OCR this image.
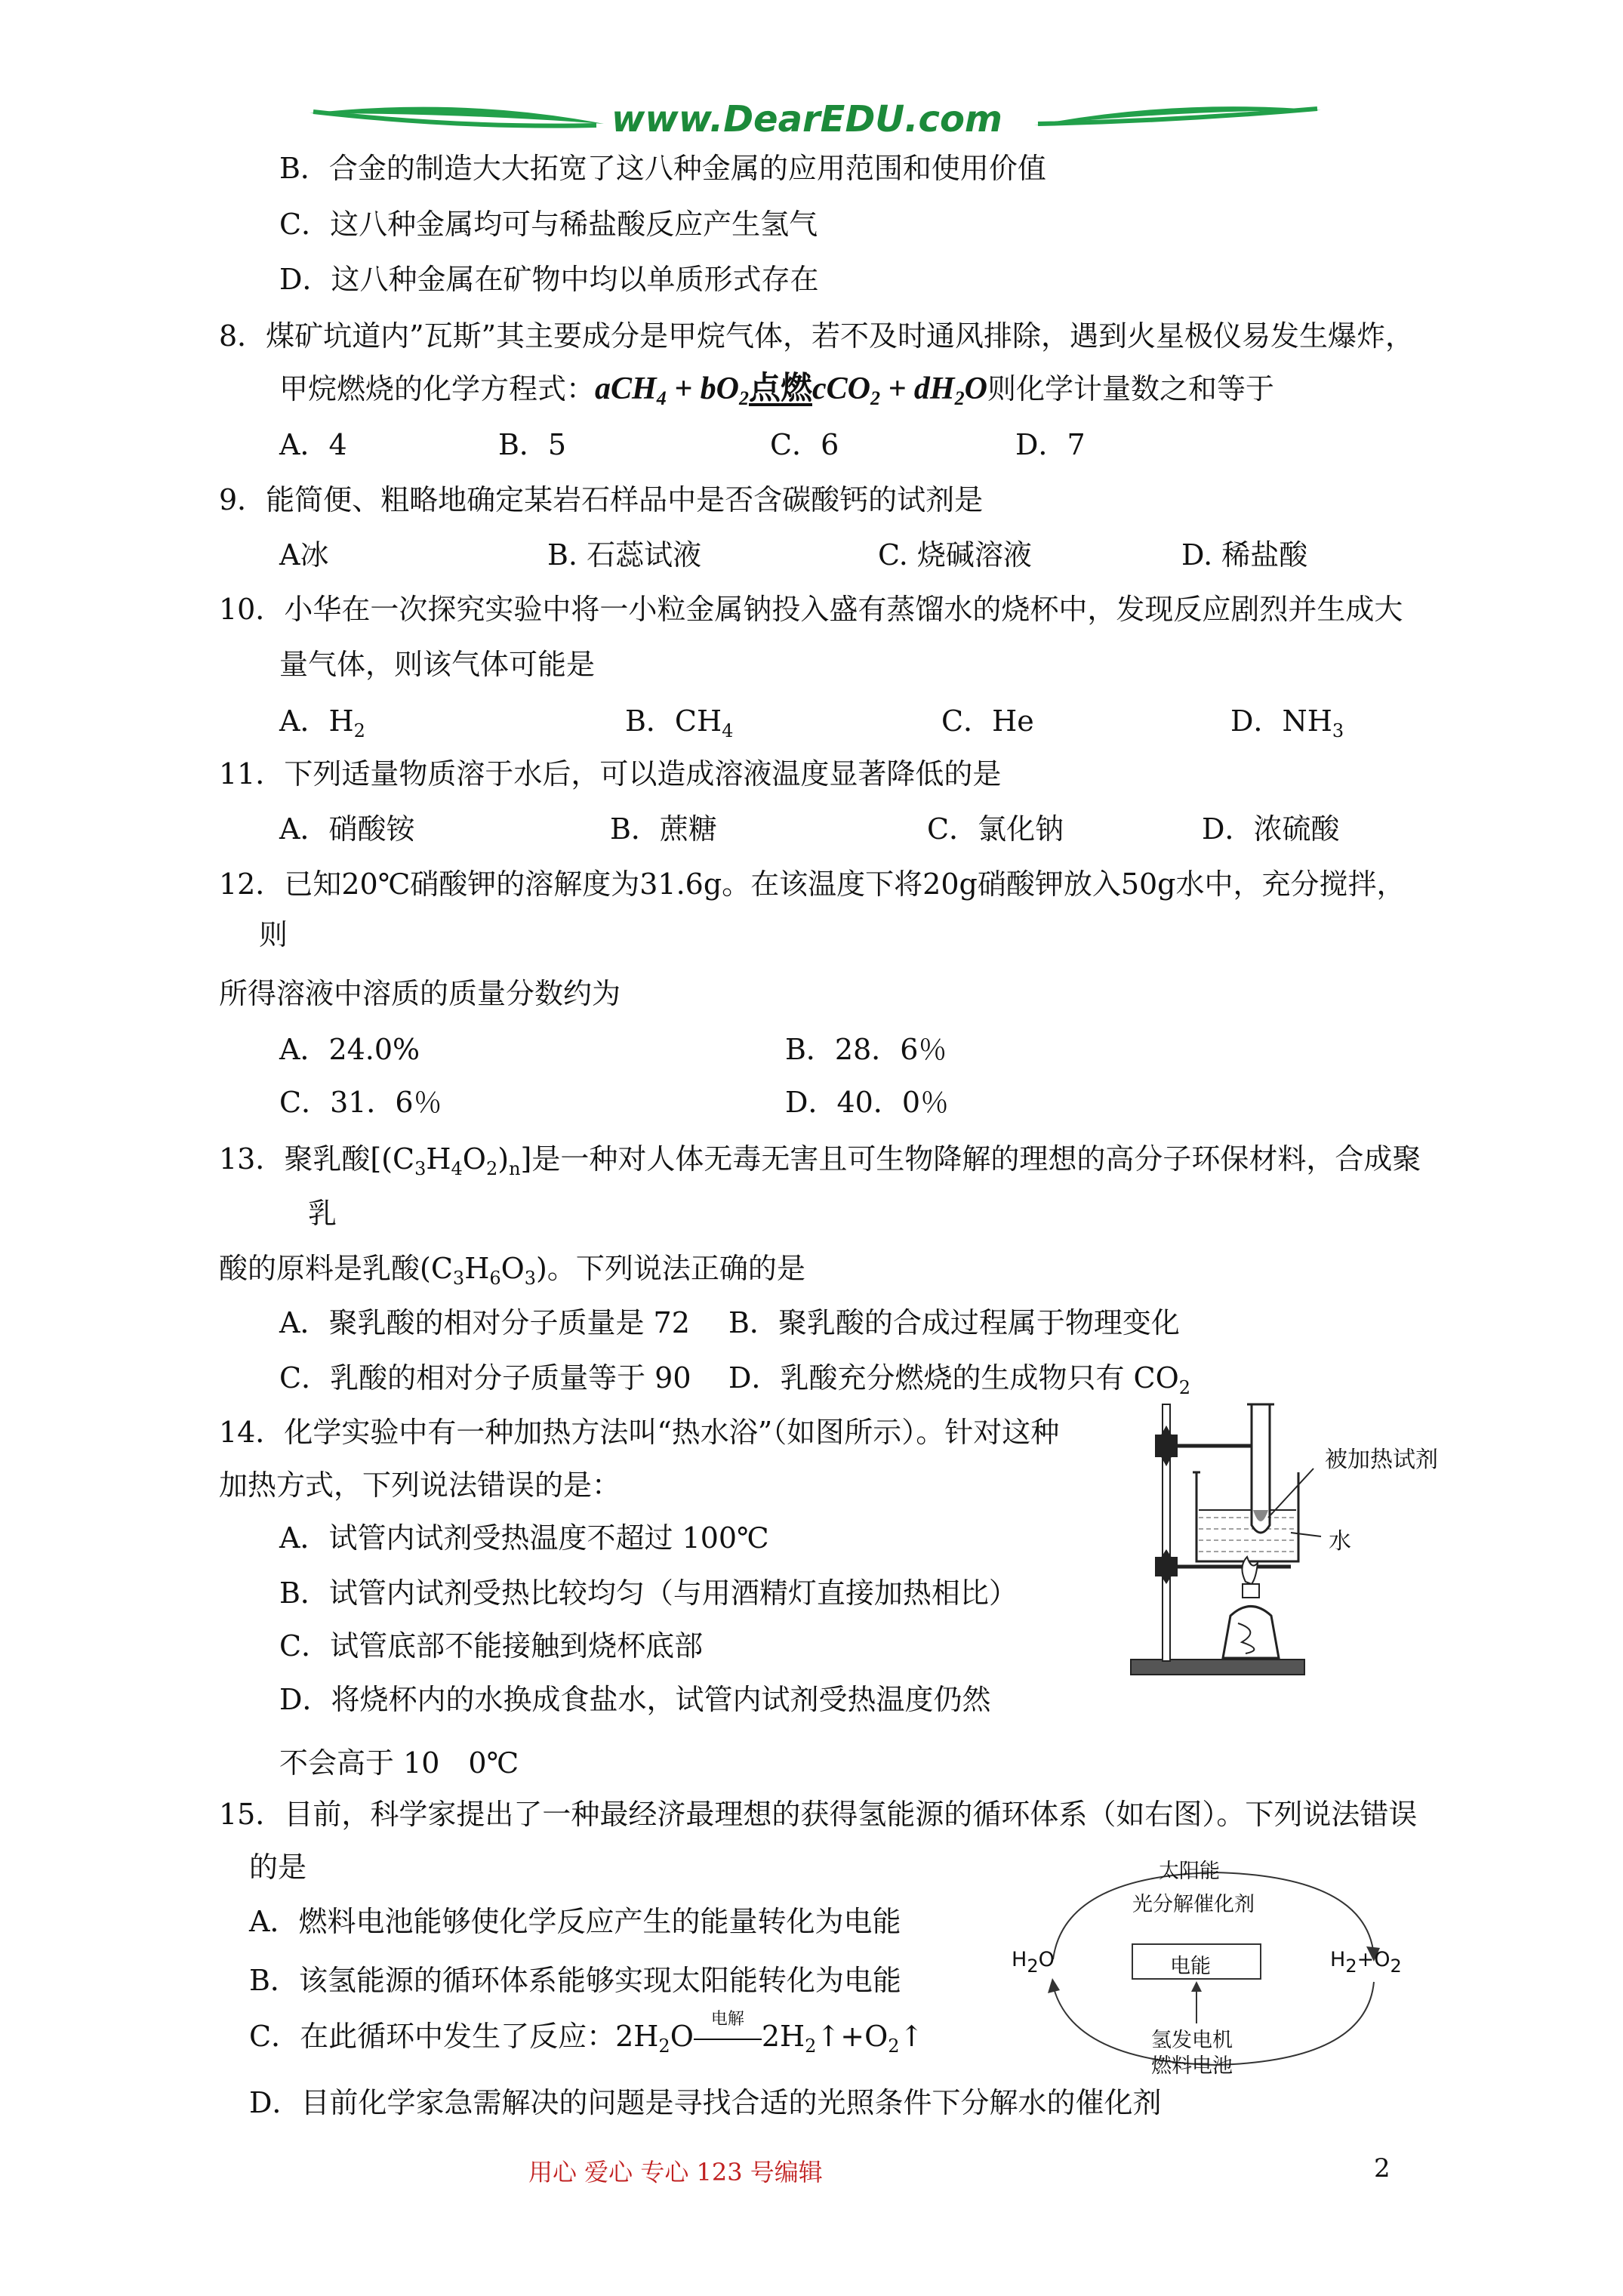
www.DearEDU.com
B．合金的制造大大拓宽了这八种金属的应用范围和使用价值
C．这八种金属均可与稀盐酸反应产生氢气
D．这八种金属在矿物中均以单质形式存在
8．煤矿坑道内”瓦斯”其主要成分是甲烷气体，若不及时通风排除，遇到火星极仪易发生爆炸，
甲烷燃烧的化学方程式：$aCH_4 + bO_2$点燃$cCO_2 + dH_2O$则化学计量数之和等于
A．4	B．5	C．6	D．7
9．能简便、粗略地确定某岩石样品中是否含碳酸钙的试剂是
A冰	B. 石蕊试液	C. 烧碱溶液	D. 稀盐酸
10．小华在一次探究实验中将一小粒金属钠投入盛有蒸馏水的烧杯中，发现反应剧烈并生成大
量气体，则该气体可能是
A．$H_2$	B．$CH_4$	C．He	D．$NH_3$
11．下列适量物质溶于水后，可以造成溶液温度显著降低的是
A．硝酸铵	B．蔗糖	C．氯化钠	D．浓硫酸
12．已知20℃硝酸钾的溶解度为31.6g。在该温度下将20g硝酸钾放入50g水中，充分搅拌，
则
所得溶液中溶质的质量分数约为
A．24.0%	B．28．6％
C．31．6％	D．40．0％
13．聚乳酸$[(C_3H_4O_2)_n]$是一种对人体无毒无害且可生物降解的理想的高分子环保材料，合成聚
乳
酸的原料是乳酸$(C_3H_6O_3)$。下列说法正确的是
A．聚乳酸的相对分子质量是 72 B．聚乳酸的合成过程属于物理变化
C．乳酸的相对分子质量等于 90 D．乳酸充分燃烧的生成物只有 $CO_2$
14．化学实验中有一种加热方法叫“热水浴”（如图所示）。针对这种
加热方式，下列说法错误的是：
A．试管内试剂受热温度不超过 100℃
B．试管内试剂受热比较均匀（与用酒精灯直接加热相比）
C．试管底部不能接触到烧杯底部
D．将烧杯内的水换成食盐水，试管内试剂受热温度仍然
不会高于 10　0℃
被加热试剂
水
15．目前，科学家提出了一种最经济最理想的获得氢能源的循环体系（如右图）。下列说法错误
的是
A．燃料电池能够使化学反应产生的能量转化为电能
B．该氢能源的循环体系能够实现太阳能转化为电能
C．在此循环中发生了反应：$2H_2O$
电解
$2H_2↑+O_2↑$
D．目前化学家急需解决的问题是寻找合适的光照条件下分解水的催化剂
太阳能
光分解催化剂
H2O	H2+O2
电能
氢发电机
燃料电池
用心 爱心 专心 123 号编辑	2
